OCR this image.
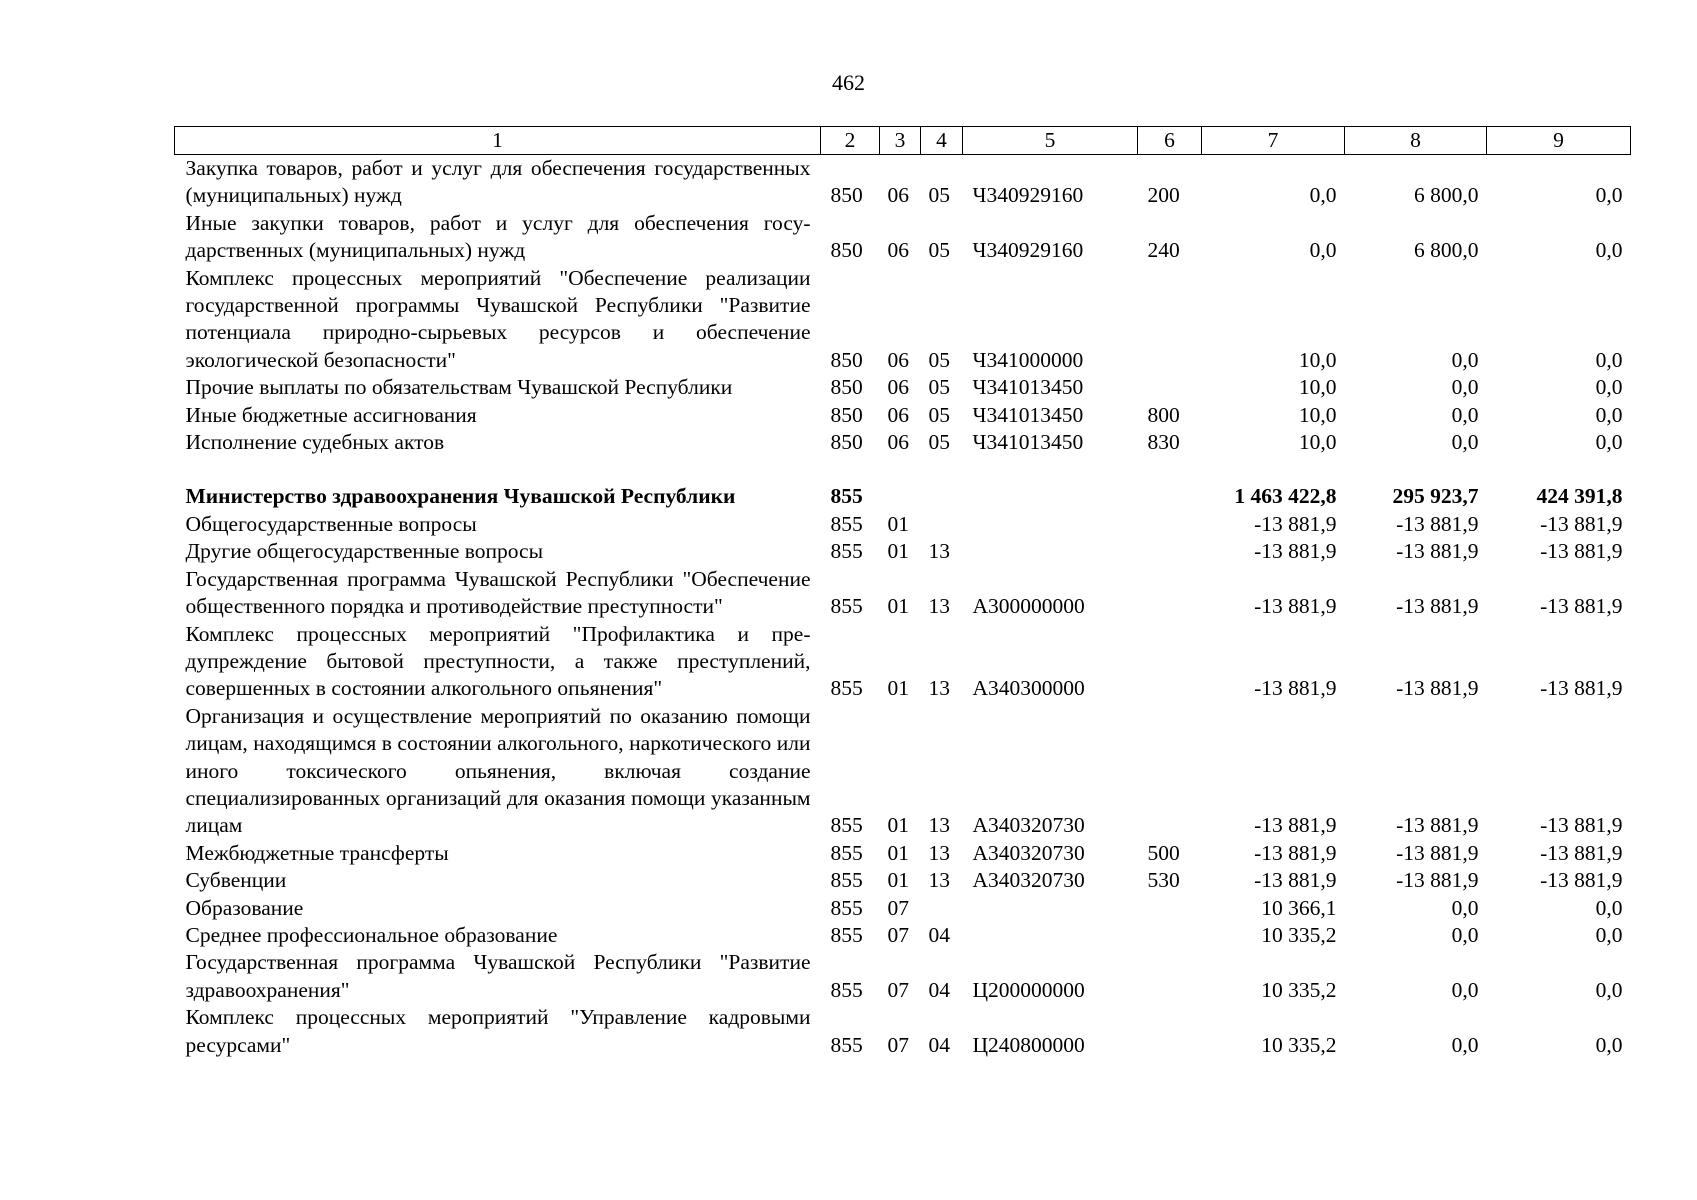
462
1	2	3	4	5	6	7	8	9
Закупка товаров, работ и услуг для обеспечения государственных (муниципальных) нужд	850	06	05	Ч340929160	200	0,0	6 800,0	0,0
Иные закупки товаров, работ и услуг для обеспечения государственных (муниципальных) нужд	850	06	05	Ч340929160	240	0,0	6 800,0	0,0
Комплекс процессных мероприятий "Обеспечение реализации государственной программы Чувашской Республики "Развитие потенциала природно-сырьевых ресурсов и обеспечение экологической безопасности"	850	06	05	Ч341000000		10,0	0,0	0,0
Прочие выплаты по обязательствам Чувашской Республики	850	06	05	Ч341013450		10,0	0,0	0,0
Иные бюджетные ассигнования	850	06	05	Ч341013450	800	10,0	0,0	0,0
Исполнение судебных актов	850	06	05	Ч341013450	830	10,0	0,0	0,0

Министерство здравоохранения Чувашской Республики	855					1 463 422,8	295 923,7	424 391,8
Общегосударственные вопросы	855	01				-13 881,9	-13 881,9	-13 881,9
Другие общегосударственные вопросы	855	01	13			-13 881,9	-13 881,9	-13 881,9
Государственная программа Чувашской Республики "Обеспечение общественного порядка и противодействие преступности"	855	01	13	А300000000		-13 881,9	-13 881,9	-13 881,9
Комплекс процессных мероприятий "Профилактика и предупреждение бытовой преступности, а также преступлений, совершенных в состоянии алкогольного опьянения"	855	01	13	А340300000		-13 881,9	-13 881,9	-13 881,9
Организация и осуществление мероприятий по оказанию помощи лицам, находящимся в состоянии алкогольного, наркотического или иного токсического опьянения, включая создание специализированных организаций для оказания помощи указанным лицам	855	01	13	А340320730		-13 881,9	-13 881,9	-13 881,9
Межбюджетные трансферты	855	01	13	А340320730	500	-13 881,9	-13 881,9	-13 881,9
Субвенции	855	01	13	А340320730	530	-13 881,9	-13 881,9	-13 881,9
Образование	855	07				10 366,1	0,0	0,0
Среднее профессиональное образование	855	07	04			10 335,2	0,0	0,0
Государственная программа Чувашской Республики "Развитие здравоохранения"	855	07	04	Ц200000000		10 335,2	0,0	0,0
Комплекс процессных мероприятий "Управление кадровыми ресурсами"	855	07	04	Ц240800000		10 335,2	0,0	0,0
